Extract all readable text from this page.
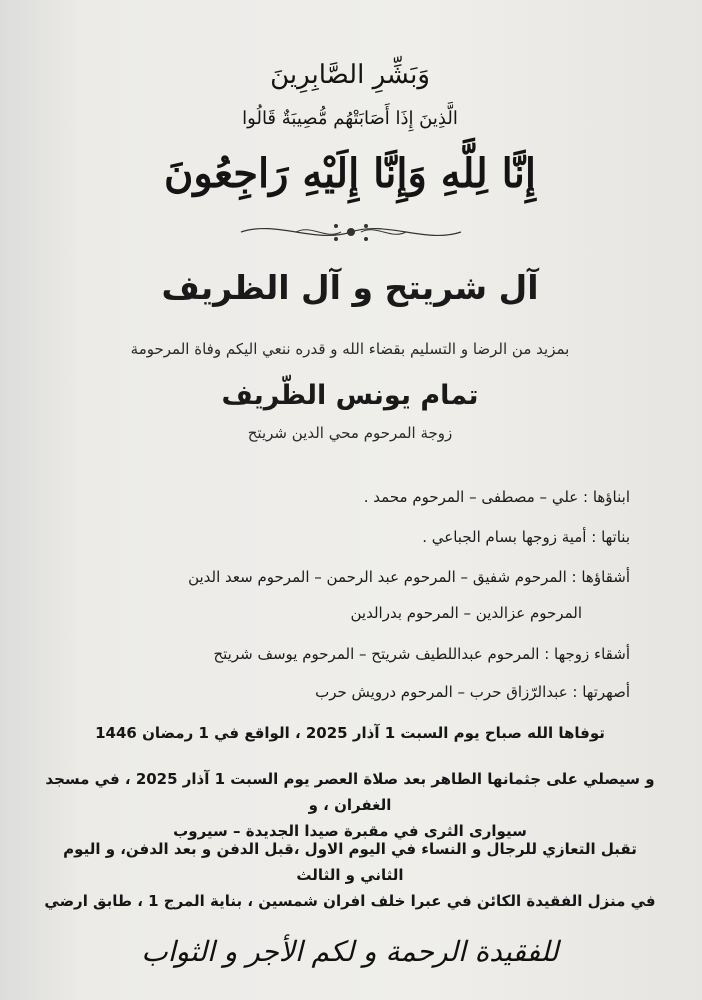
وَبَشِّرِ الصَّابِرِينَ
الَّذِينَ إِذَا أَصَابَتْهُم مُّصِيبَةٌ قَالُوا
إِنَّا لِلَّهِ وَإِنَّا إِلَيْهِ رَاجِعُونَ
آل شريتح و آل الظريف
بمزيد من الرضا و التسليم بقضاء الله و قدره ننعي اليكم وفاة المرحومة
تمام يونس الظّريف
زوجة المرحوم محي الدين شريتح
ابناؤها : علي – مصطفى – المرحوم محمد .
بناتها : أمية زوجها بسام الجباعي .
أشقاؤها : المرحوم شفيق – المرحوم عبد الرحمن – المرحوم سعد الدين
المرحوم عزالدين – المرحوم بدرالدين
أشقاء زوجها : المرحوم عبداللطيف شريتح – المرحوم يوسف شريتح
أصهرتها : عبدالرّزاق حرب – المرحوم درويش حرب
توفاها الله صباح يوم السبت 1 آذار 2025 ، الواقع في 1 رمضان 1446
و سيصلي على جثمانها الطاهر بعد صلاة العصر يوم السبت 1 آذار 2025 ، في مسجد الغفران ، و
سيوارى الثرى في مقبرة صيدا الجديدة – سيروب
تقبل التعازي للرجال و النساء في اليوم الاول ،قبل الدفن و بعد الدفن، و اليوم الثاني و الثالث
في منزل الفقيدة الكائن في عبرا خلف افران شمسين ، بناية المرج 1 ، طابق ارضي
للفقيدة الرحمة و لكم الأجر و الثواب
